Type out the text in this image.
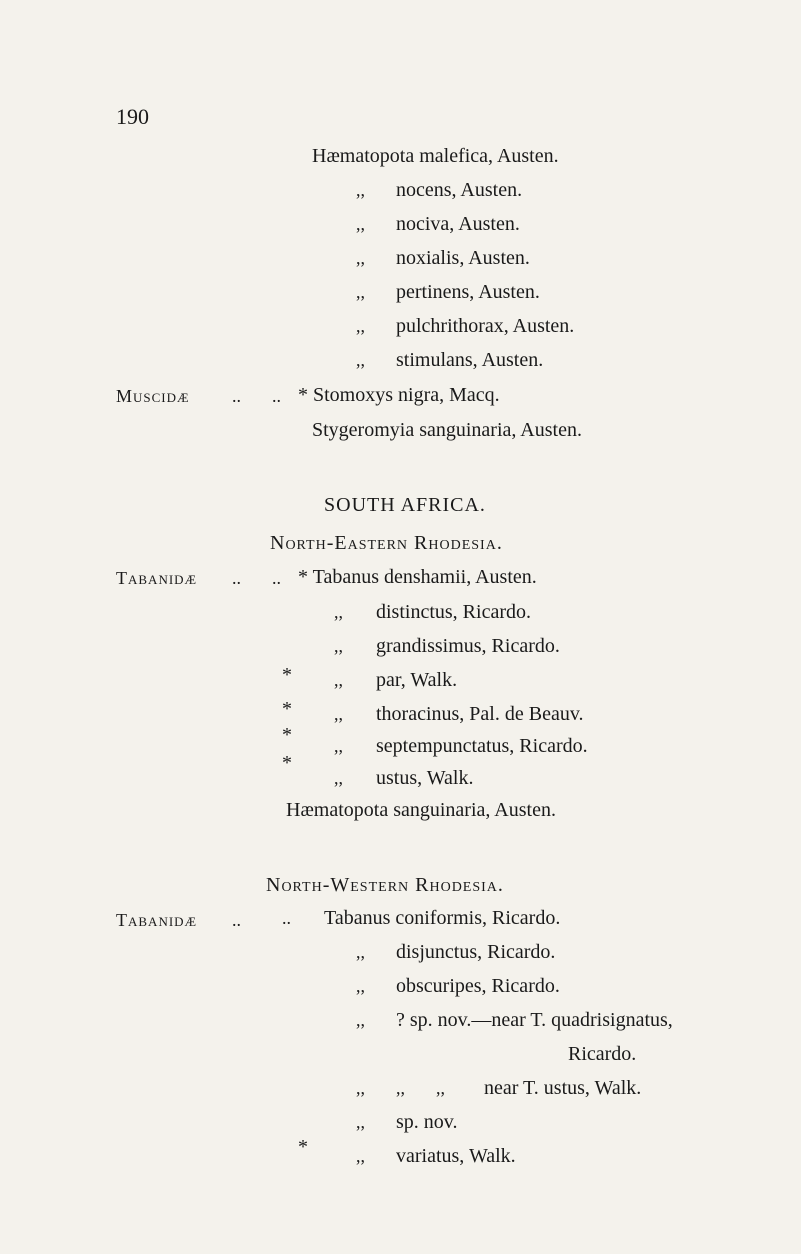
190
Hæmatopota malefica, Austen.
,, nocens, Austen.
,, nociva, Austen.
,, noxialis, Austen.
,, pertinens, Austen.
,, pulchrithorax, Austen.
,, stimulans, Austen.
Muscidæ .. .. * Stomoxys nigra, Macq.
Stygeromyia sanguinaria, Austen.
SOUTH AFRICA.
North-Eastern Rhodesia.
Tabanidæ .. .. * Tabanus denshamii, Austen.
,, distinctus, Ricardo.
,, grandissimus, Ricardo.
* ,, par, Walk.
* ,, thoracinus, Pal. de Beauv.
* ,, septempunctatus, Ricardo.
*
,, ustus, Walk.
Hæmatopota sanguinaria, Austen.
North-Western Rhodesia.
Tabanidæ .. .. Tabanus coniformis, Ricardo.
,, disjunctus, Ricardo.
,, obscuripes, Ricardo.
,, ? sp. nov.—near T. quadrisignatus,
Ricardo.
,, ,, ,, near T. ustus, Walk.
,, sp. nov.
*	,, variatus, Walk.
